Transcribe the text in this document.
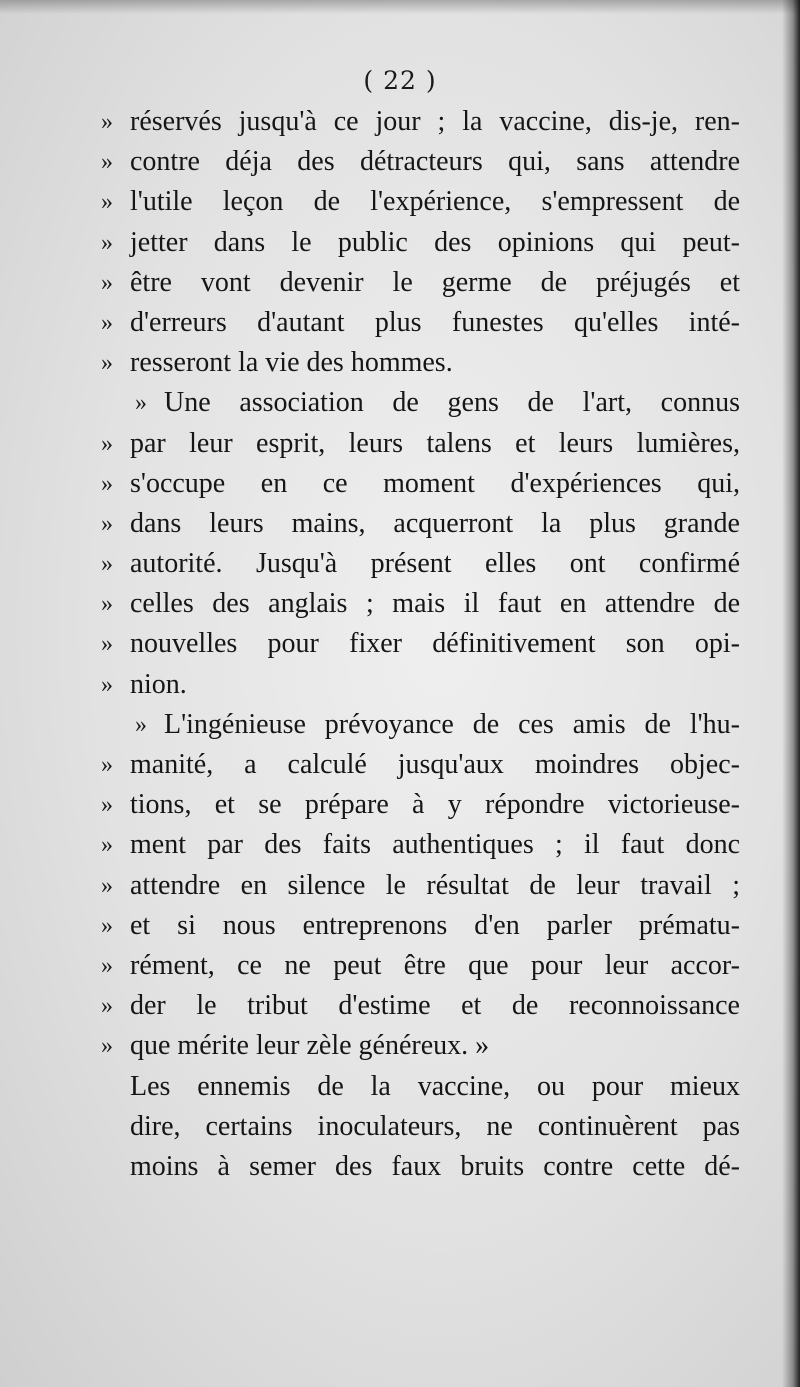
( 22 )
» réservés jusqu'à ce jour ; la vaccine, dis-je, ren-
» contre déja des détracteurs qui, sans attendre
» l'utile leçon de l'expérience, s'empressent de
» jetter dans le public des opinions qui peut-
» être vont devenir le germe de préjugés et
» d'erreurs d'autant plus funestes qu'elles inté-
» resseront la vie des hommes.
» Une association de gens de l'art, connus
» par leur esprit, leurs talens et leurs lumières,
» s'occupe en ce moment d'expériences qui,
» dans leurs mains, acquerront la plus grande
» autorité. Jusqu'à présent elles ont confirmé
» celles des anglais ; mais il faut en attendre de
» nouvelles pour fixer définitivement son opi-
» nion.
» L'ingénieuse prévoyance de ces amis de l'hu-
» manité, a calculé jusqu'aux moindres objec-
» tions, et se prépare à y répondre victorieuse-
» ment par des faits authentiques ; il faut donc
» attendre en silence le résultat de leur travail ;
» et si nous entreprenons d'en parler prématu-
» rément, ce ne peut être que pour leur accor-
» der le tribut d'estime et de reconnoissance
» que mérite leur zèle généreux. »
Les ennemis de la vaccine, ou pour mieux
dire, certains inoculateurs, ne continuèrent pas
moins à semer des faux bruits contre cette dé-
